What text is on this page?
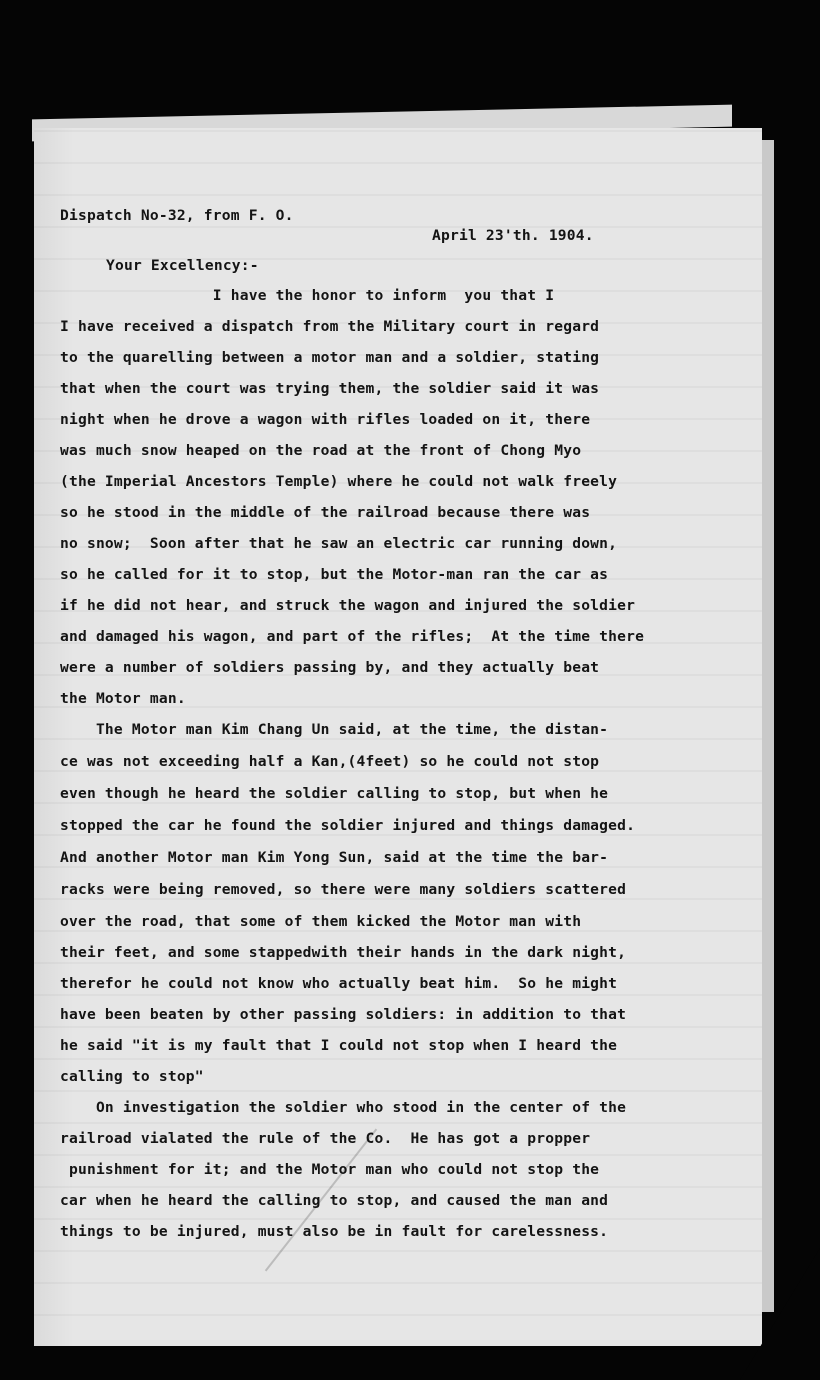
Dispatch No-32, from F. O.
April 23'th. 1904.
Your Excellency:-
I have the honor to inform  you that I
I have received a dispatch from the Military court in regard
to the quarelling between a motor man and a soldier, stating
that when the court was trying them, the soldier said it was
night when he drove a wagon with rifles loaded on it, there
was much snow heaped on the road at the front of Chong Myo
(the Imperial Ancestors Temple) where he could not walk freely
so he stood in the middle of the railroad because there was
no snow;  Soon after that he saw an electric car running down,
so he called for it to stop, but the Motor-man ran the car as
if he did not hear, and struck the wagon and injured the soldier
and damaged his wagon, and part of the rifles;  At the time there
were a number of soldiers passing by, and they actually beat
the Motor man.
The Motor man Kim Chang Un said, at the time, the distan-
ce was not exceeding half a Kan,(4feet) so he could not stop
even though he heard the soldier calling to stop, but when he
stopped the car he found the soldier injured and things damaged.
And another Motor man Kim Yong Sun, said at the time the bar-
racks were being removed, so there were many soldiers scattered
over the road, that some of them kicked the Motor man with
their feet, and some stappedwith their hands in the dark night,
therefor he could not know who actually beat him.  So he might
have been beaten by other passing soldiers: in addition to that
he said "it is my fault that I could not stop when I heard the
calling to stop"
On investigation the soldier who stood in the center of the
railroad vialated the rule of the Co.  He has got a propper
punishment for it; and the Motor man who could not stop the
car when he heard the calling to stop, and caused the man and
things to be injured, must also be in fault for carelessness.
